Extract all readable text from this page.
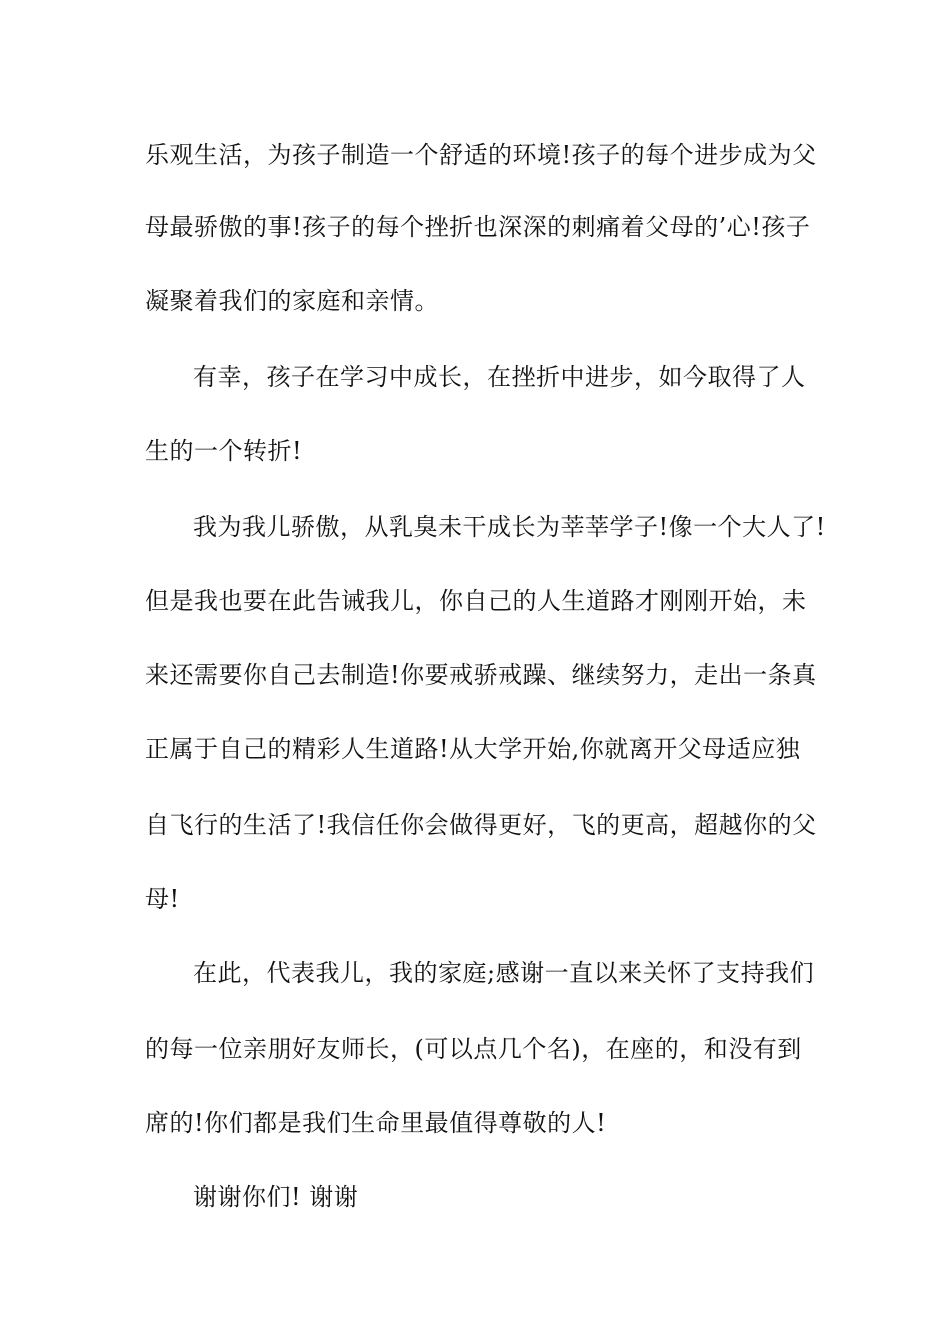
乐观生活，为孩子制造一个舒适的环境!孩子的每个进步成为父
母最骄傲的事!孩子的每个挫折也深深的刺痛着父母的’心!孩子
凝聚着我们的家庭和亲情。
有幸，孩子在学习中成长，在挫折中进步，如今取得了人
生的一个转折!
我为我儿骄傲，从乳臭未干成长为莘莘学子!像一个大人了!
但是我也要在此告诫我儿，你自己的人生道路才刚刚开始，未
来还需要你自己去制造!你要戒骄戒躁、继续努力，走出一条真
正属于自己的精彩人生道路!从大学开始,你就离开父母适应独
自飞行的生活了!我信任你会做得更好，飞的更高，超越你的父
母!
在此，代表我儿，我的家庭;感谢一直以来关怀了支持我们
的每一位亲朋好友师长，(可以点几个名)，在座的，和没有到
席的!你们都是我们生命里最值得尊敬的人!
谢谢你们! 谢谢
